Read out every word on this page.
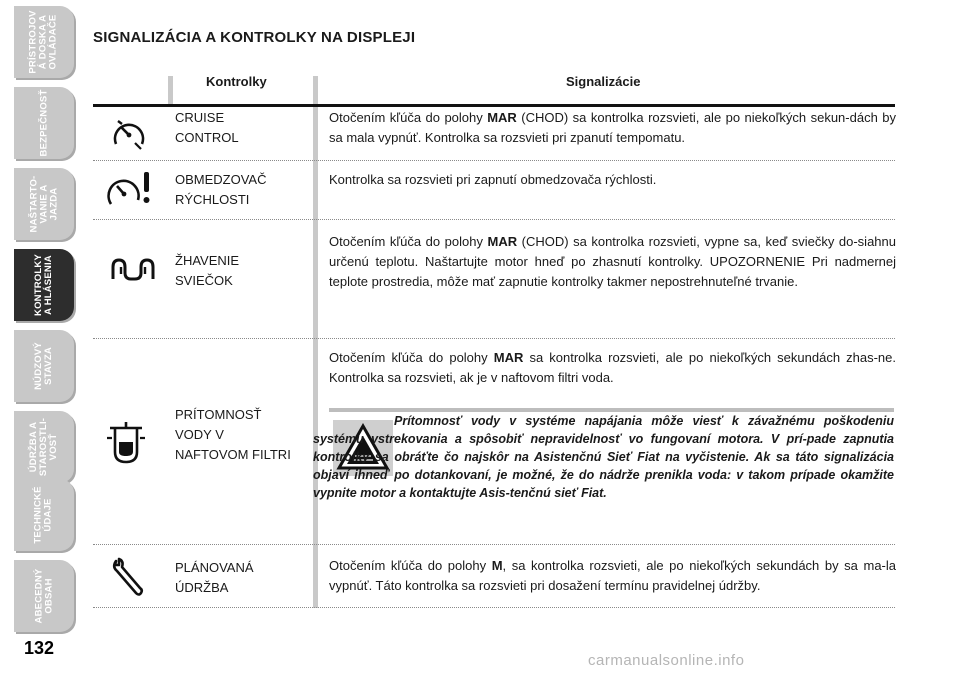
PRÍSTROJOV
Á DOSKA A
OVLÁDAČE
BEZPEČNOSŤ
NAŠTARTO-
VANIE A
JAZDA
KONTROLKY
A HLÁSENIA
NÚDZOVÝ
STAVZA
ÚDRŽBA A
STAROSTLI-
VOSŤ
TECHNICKÉ
ÚDAJE
ABECEDNÝ
OBSAH
132
SIGNALIZÁCIA A KONTROLKY NA DISPLEJI
Kontrolky	Signalizácie
CRUISE
CONTROL
Otočením kľúča do polohy MAR (CHOD) sa kontrolka rozsvieti, ale po niekoľkých sekun-dách by sa mala vypnúť. Kontrolka sa rozsvieti pri zpanutí tempomatu.
OBMEDZOVAČ
RÝCHLOSTI
Kontrolka sa rozsvieti pri zapnutí obmedzovača rýchlosti.
ŽHAVENIE
SVIEČOK
Otočením kľúča do polohy MAR (CHOD) sa kontrolka rozsvieti, vypne sa, keď sviečky do-siahnu určenú teplotu. Naštartujte motor hneď po zhasnutí kontrolky. UPOZORNENIE Pri nadmernej teplote prostredia, môže mať zapnutie kontrolky takmer nepostrehnuteľné trvanie.
PRÍTOMNOSŤ
VODY V
NAFTOVOM FILTRI
Otočením kľúča do polohy MAR sa kontrolka rozsvieti, ale po niekoľkých sekundách zhas-ne. Kontrolka sa rozsvieti, ak je v naftovom filtri voda.
Prítomnosť vody v systéme napájania môže viesť k závažnému poškodeniu systému vstrekovania a spôsobiť nepravidelnosť vo fungovaní motora. V prí-pade zapnutia kontrolky sa obráťte čo najskôr na Asistenčnú Sieť Fiat na vyčistenie. Ak sa táto signalizácia objaví ihneď po dotankovaní, je možné, že do nádrže prenikla voda: v takom prípade okamžite vypnite motor a kontaktujte Asis-tenčnú sieť Fiat.
PLÁNOVANÁ
ÚDRŽBA
Otočením kľúča do polohy M, sa kontrolka rozsvieti, ale po niekoľkých sekundách by sa ma-la vypnúť. Táto kontrolka sa rozsvieti pri dosažení termínu pravidelnej údržby.
carmanualsonline.info
